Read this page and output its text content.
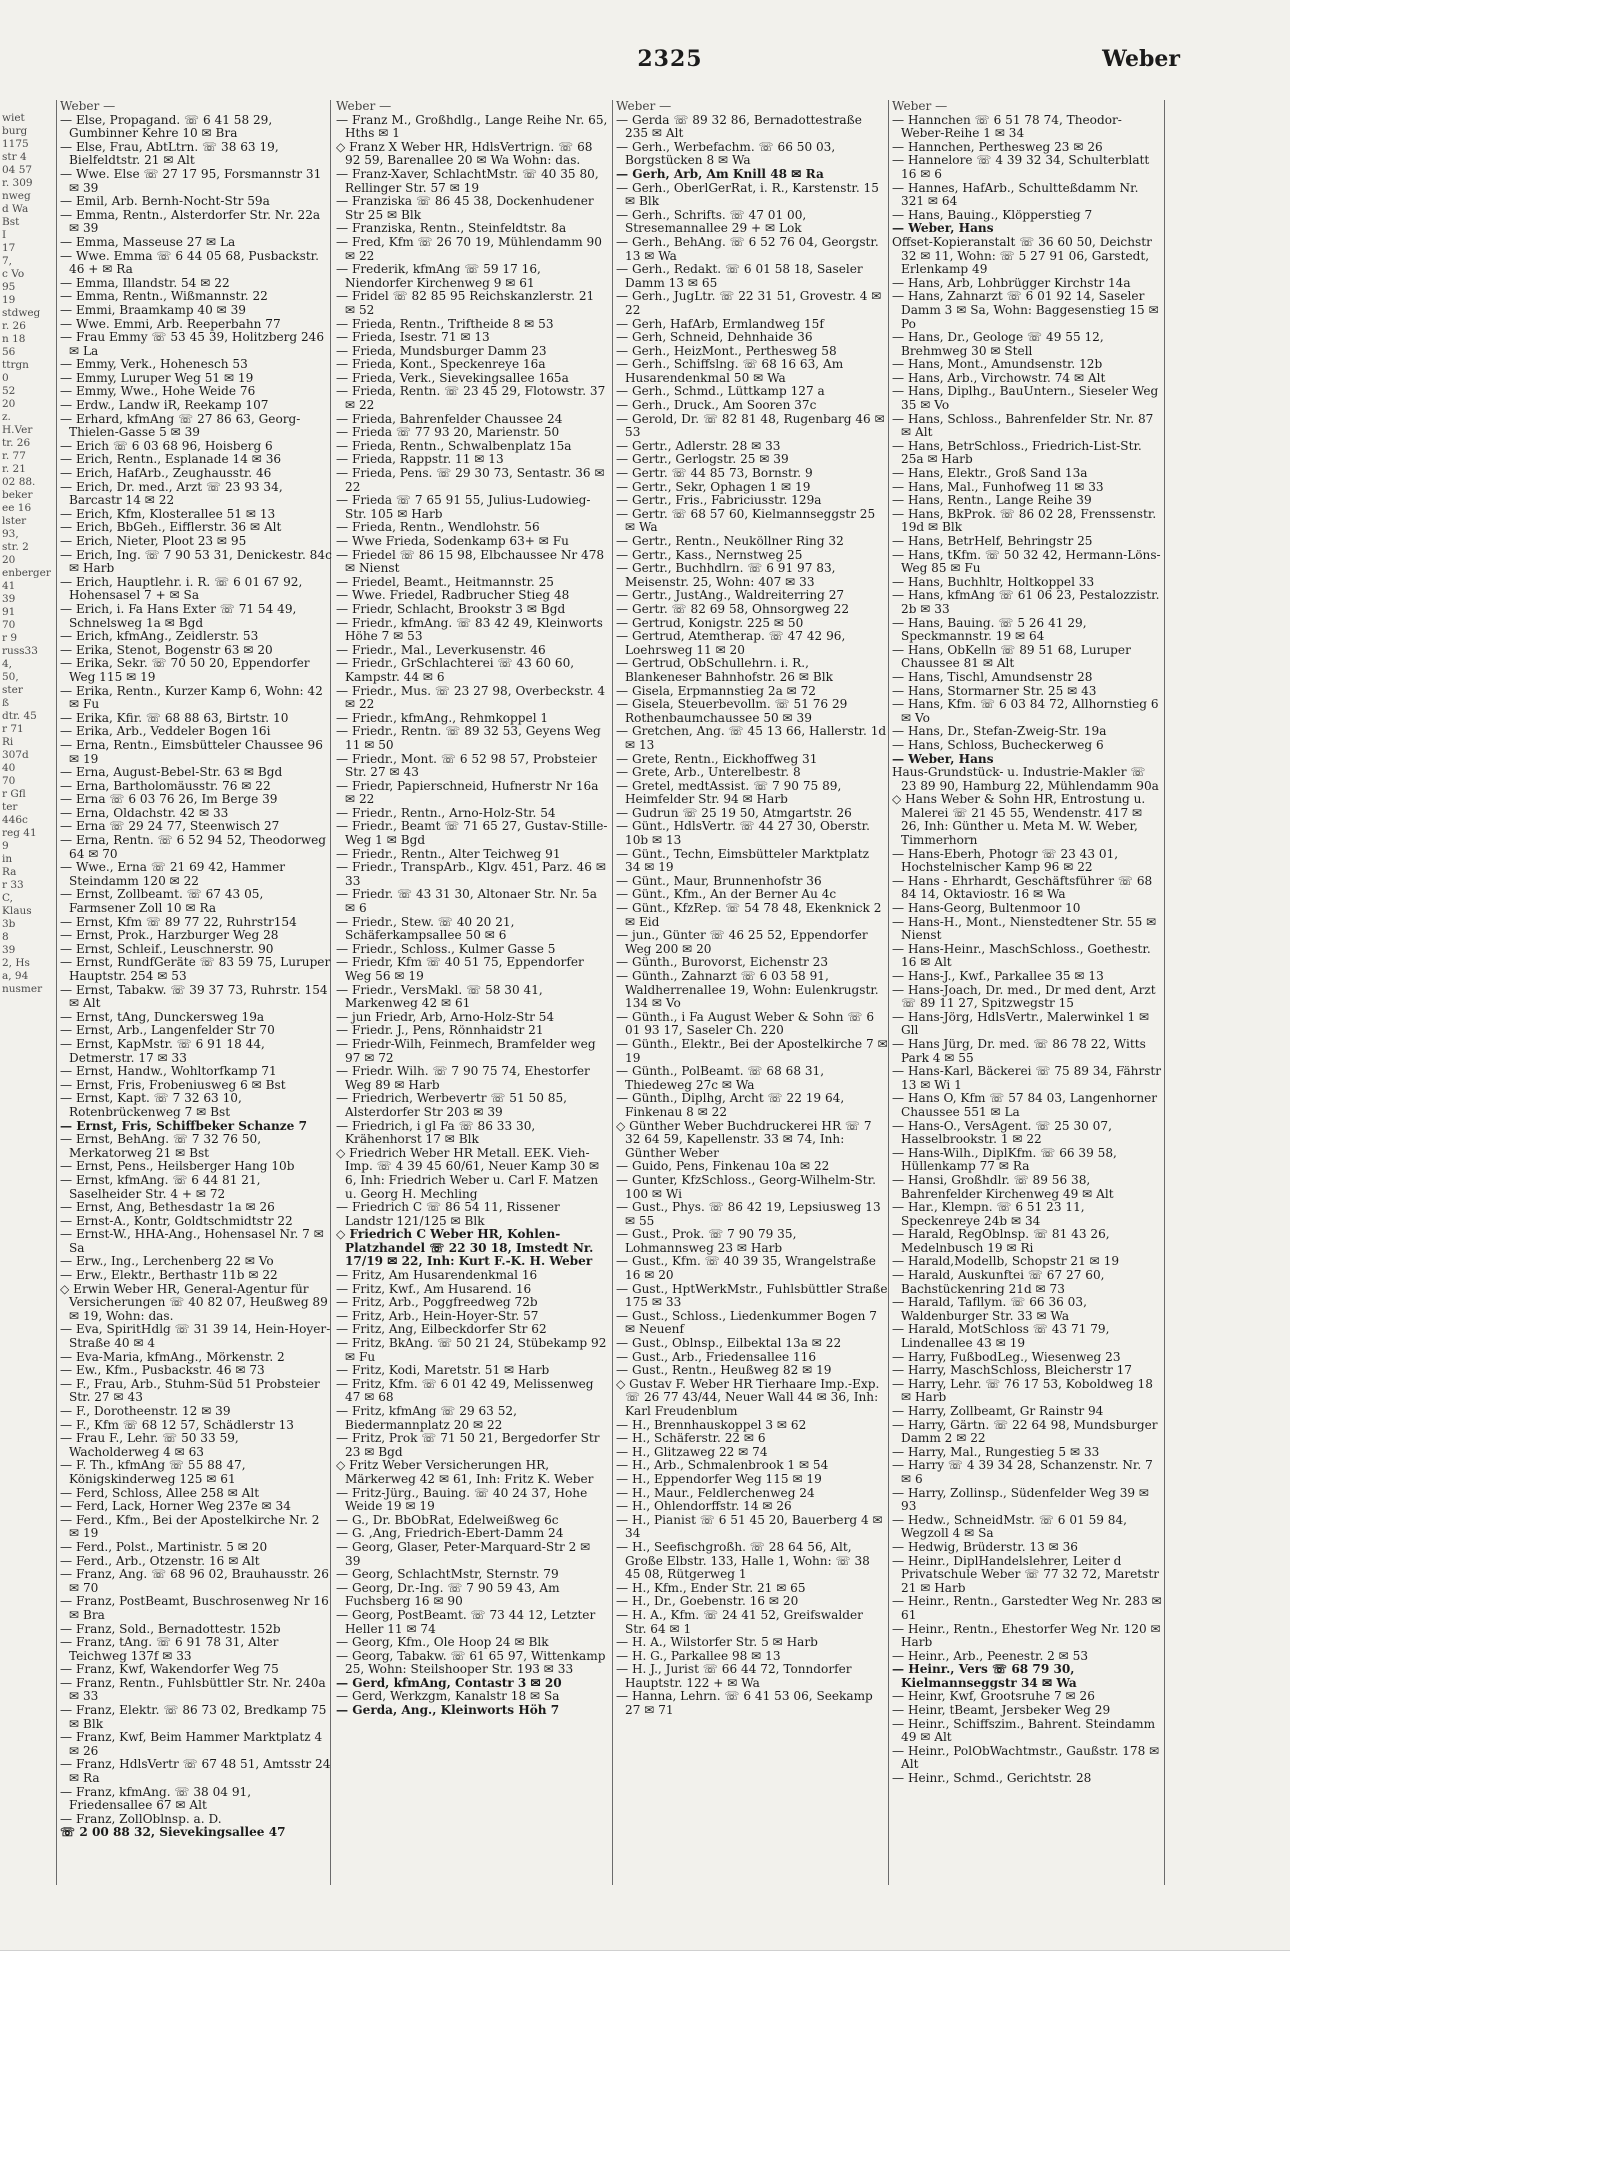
2325	Weber
wiet
burg
1175
str 4
04 57
r. 309
nweg
d Wa
Bst
I
17
7,
c Vo
95
19
stdweg
r. 26
n 18
56
ttrgn
0
52
20
z.
H.Ver
tr. 26
r. 77
r. 21
02 88.
beker
ee 16
lster
93,
str. 2
20
enberger
41
39
91
70
r 9
russ33
4,
50,
ster
ß
dtr. 45
r 71
Ri
307d
40
70
r Gfl
ter
446c
reg 41
9
in
Ra
r 33
C,
Klaus
3b
8
39
2, Hs
a, 94
nusmer
Weber —
— Else, Propagand. ☏ 6 41 58 29, Gumbinner Kehre 10 ✉ Bra
— Else, Frau, AbtLtrn. ☏ 38 63 19, Bielfeldtstr. 21 ✉ Alt
— Wwe. Else ☏ 27 17 95, Forsmannstr 31 ✉ 39
— Emil, Arb. Bernh-Nocht-Str 59a
— Emma, Rentn., Alsterdorfer Str. Nr. 22a ✉ 39
— Emma, Masseuse 27 ✉ La
— Wwe. Emma ☏ 6 44 05 68, Pusbackstr. 46 + ✉ Ra
— Emma, Illandstr. 54 ✉ 22
— Emma, Rentn., Wißmannstr. 22
— Emmi, Braamkamp 40 ✉ 39
— Wwe. Emmi, Arb. Reeperbahn 77
— Frau Emmy ☏ 53 45 39, Holitzberg 246 ✉ La
— Emmy, Verk., Hohenesch 53
— Emmy, Luruper Weg 51 ✉ 19
— Emmy, Wwe., Hohe Weide 76
— Erdw., Landw iR, Reekamp 107
— Erhard, kfmAng ☏ 27 86 63, Georg-Thielen-Gasse 5 ✉ 39
— Erich ☏ 6 03 68 96, Hoisberg 6
— Erich, Rentn., Esplanade 14 ✉ 36
— Erich, HafArb., Zeughausstr. 46
— Erich, Dr. med., Arzt ☏ 23 93 34, Barcastr 14 ✉ 22
— Erich, Kfm, Klosterallee 51 ✉ 13
— Erich, BbGeh., Eifflerstr. 36 ✉ Alt
— Erich, Nieter, Ploot 23 ✉ 95
— Erich, Ing. ☏ 7 90 53 31, Denickestr. 84c ✉ Harb
— Erich, Hauptlehr. i. R. ☏ 6 01 67 92, Hohensasel 7 + ✉ Sa
— Erich, i. Fa Hans Exter ☏ 71 54 49, Schnelsweg 1a ✉ Bgd
— Erich, kfmAng., Zeidlerstr. 53
— Erika, Stenot, Bogenstr 63 ✉ 20
— Erika, Sekr. ☏ 70 50 20, Eppendorfer Weg 115 ✉ 19
— Erika, Rentn., Kurzer Kamp 6, Wohn: 42 ✉ Fu
— Erika, Kfir. ☏ 68 88 63, Birtstr. 10
— Erika, Arb., Veddeler Bogen 16i
— Erna, Rentn., Eimsbütteler Chaussee 96 ✉ 19
— Erna, August-Bebel-Str. 63 ✉ Bgd
— Erna, Bartholomäusstr. 76 ✉ 22
— Erna ☏ 6 03 76 26, Im Berge 39
— Erna, Oldachstr. 42 ✉ 33
— Erna ☏ 29 24 77, Steenwisch 27
— Erna, Rentn. ☏ 6 52 94 52, Theodorweg 64 ✉ 70
— Wwe., Erna ☏ 21 69 42, Hammer Steindamm 120 ✉ 22
— Ernst, Zollbeamt. ☏ 67 43 05, Farmsener Zoll 10 ✉ Ra
— Ernst, Kfm ☏ 89 77 22, Ruhrstr154
— Ernst, Prok., Harzburger Weg 28
— Ernst, Schleif., Leuschnerstr. 90
— Ernst, RundfGeräte ☏ 83 59 75, Luruper Hauptstr. 254 ✉ 53
— Ernst, Tabakw. ☏ 39 37 73, Ruhrstr. 154 ✉ Alt
— Ernst, tAng, Dunckersweg 19a
— Ernst, Arb., Langenfelder Str 70
— Ernst, KapMstr. ☏ 6 91 18 44, Detmerstr. 17 ✉ 33
— Ernst, Handw., Wohltorfkamp 71
— Ernst, Fris, Frobeniusweg 6 ✉ Bst
— Ernst, Kapt. ☏ 7 32 63 10, Rotenbrückenweg 7 ✉ Bst
— Ernst, Fris, Schiffbeker Schanze 7
— Ernst, BehAng. ☏ 7 32 76 50, Merkatorweg 21 ✉ Bst
— Ernst, Pens., Heilsberger Hang 10b
— Ernst, kfmAng. ☏ 6 44 81 21, Saselheider Str. 4 + ✉ 72
— Ernst, Ang, Bethesdastr 1a ✉ 26
— Ernst-A., Kontr, Goldtschmidtstr 22
— Ernst-W., HHA-Ang., Hohensasel Nr. 7 ✉ Sa
— Erw., Ing., Lerchenberg 22 ✉ Vo
— Erw., Elektr., Berthastr 11b ✉ 22
◇ Erwin Weber HR, General-Agentur für Versicherungen ☏ 40 82 07, Heußweg 89 ✉ 19, Wohn: das.
— Eva, SpiritHdlg ☏ 31 39 14, Hein-Hoyer-Straße 40 ✉ 4
— Eva-Maria, kfmAng., Mörkenstr. 2
— Ew., Kfm., Pusbackstr. 46 ✉ 73
— F., Frau, Arb., Stuhm-Süd 51 Probsteier Str. 27 ✉ 43
— F., Dorotheenstr. 12 ✉ 39
— F., Kfm ☏ 68 12 57, Schädlerstr 13
— Frau F., Lehr. ☏ 50 33 59, Wacholderweg 4 ✉ 63
— F. Th., kfmAng ☏ 55 88 47, Königskinderweg 125 ✉ 61
— Ferd, Schloss, Allee 258 ✉ Alt
— Ferd, Lack, Horner Weg 237e ✉ 34
— Ferd., Kfm., Bei der Apostelkirche Nr. 2 ✉ 19
— Ferd., Polst., Martinistr. 5 ✉ 20
— Ferd., Arb., Otzenstr. 16 ✉ Alt
— Franz, Ang. ☏ 68 96 02, Brauhausstr. 26 ✉ 70
— Franz, PostBeamt, Buschrosenweg Nr 16 ✉ Bra
— Franz, Sold., Bernadottestr. 152b
— Franz, tAng. ☏ 6 91 78 31, Alter Teichweg 137f ✉ 33
— Franz, Kwf, Wakendorfer Weg 75
— Franz, Rentn., Fuhlsbüttler Str. Nr. 240a ✉ 33
— Franz, Elektr. ☏ 86 73 02, Bredkamp 75 ✉ Blk
— Franz, Kwf, Beim Hammer Marktplatz 4 ✉ 26
— Franz, HdlsVertr ☏ 67 48 51, Amtsstr 24 ✉ Ra
— Franz, kfmAng. ☏ 38 04 91, Friedensallee 67 ✉ Alt
— Franz, ZollOblnsp. a. D.
☏ 2 00 88 32, Sievekingsallee 47
Weber —
— Franz M., Großhdlg., Lange Reihe Nr. 65, Hths ✉ 1
◇ Franz X Weber HR, HdlsVertrign. ☏ 68 92 59, Barenallee 20 ✉ Wa Wohn: das.
— Franz-Xaver, SchlachtMstr. ☏ 40 35 80, Rellinger Str. 57 ✉ 19
— Franziska ☏ 86 45 38, Dockenhudener Str 25 ✉ Blk
— Franziska, Rentn., Steinfeldtstr. 8a
— Fred, Kfm ☏ 26 70 19, Mühlendamm 90 ✉ 22
— Frederik, kfmAng ☏ 59 17 16, Niendorfer Kirchenweg 9 ✉ 61
— Fridel ☏ 82 85 95 Reichskanzlerstr. 21 ✉ 52
— Frieda, Rentn., Triftheide 8 ✉ 53
— Frieda, Isestr. 71 ✉ 13
— Frieda, Mundsburger Damm 23
— Frieda, Kont., Speckenreye 16a
— Frieda, Verk., Sievekingsallee 165a
— Frieda, Rentn. ☏ 23 45 29, Flotowstr. 37 ✉ 22
— Frieda, Bahrenfelder Chaussee 24
— Frieda ☏ 77 93 20, Marienstr. 50
— Frieda, Rentn., Schwalbenplatz 15a
— Frieda, Rappstr. 11 ✉ 13
— Frieda, Pens. ☏ 29 30 73, Sentastr. 36 ✉ 22
— Frieda ☏ 7 65 91 55, Julius-Ludowieg-Str. 105 ✉ Harb
— Frieda, Rentn., Wendlohstr. 56
— Wwe Frieda, Sodenkamp 63+ ✉ Fu
— Friedel ☏ 86 15 98, Elbchaussee Nr 478 ✉ Nienst
— Friedel, Beamt., Heitmannstr. 25
— Wwe. Friedel, Radbrucher Stieg 48
— Friedr, Schlacht, Brookstr 3 ✉ Bgd
— Friedr., kfmAng. ☏ 83 42 49, Kleinworts Höhe 7 ✉ 53
— Friedr., Mal., Leverkusenstr. 46
— Friedr., GrSchlachterei ☏ 43 60 60, Kampstr. 44 ✉ 6
— Friedr., Mus. ☏ 23 27 98, Overbeckstr. 4 ✉ 22
— Friedr., kfmAng., Rehmkoppel 1
— Friedr., Rentn. ☏ 89 32 53, Geyens Weg 11 ✉ 50
— Friedr., Mont. ☏ 6 52 98 57, Probsteier Str. 27 ✉ 43
— Friedr, Papierschneid, Hufnerstr Nr 16a ✉ 22
— Friedr., Rentn., Arno-Holz-Str. 54
— Friedr., Beamt ☏ 71 65 27, Gustav-Stille-Weg 1 ✉ Bgd
— Friedr., Rentn., Alter Teichweg 91
— Friedr., TranspArb., Klgv. 451, Parz. 46 ✉ 33
— Friedr. ☏ 43 31 30, Altonaer Str. Nr. 5a ✉ 6
— Friedr., Stew. ☏ 40 20 21, Schäferkampsallee 50 ✉ 6
— Friedr., Schloss., Kulmer Gasse 5
— Friedr, Kfm ☏ 40 51 75, Eppendorfer Weg 56 ✉ 19
— Friedr., VersMakl. ☏ 58 30 41, Markenweg 42 ✉ 61
— jun Friedr, Arb, Arno-Holz-Str 54
— Friedr. J., Pens, Rönnhaidstr 21
— Friedr-Wilh, Feinmech, Bramfelder weg 97 ✉ 72
— Friedr. Wilh. ☏ 7 90 75 74, Ehestorfer Weg 89 ✉ Harb
— Friedrich, Werbevertr ☏ 51 50 85, Alsterdorfer Str 203 ✉ 39
— Friedrich, i gl Fa ☏ 86 33 30, Krähenhorst 17 ✉ Blk
◇ Friedrich Weber HR Metall. EEK. Vieh-Imp. ☏ 4 39 45 60/61, Neuer Kamp 30 ✉ 6, Inh: Friedrich Weber u. Carl F. Matzen u. Georg H. Mechling
— Friedrich C ☏ 86 54 11, Rissener Landstr 121/125 ✉ Blk
◇ Friedrich C Weber HR, Kohlen-Platzhandel ☏ 22 30 18, Imstedt Nr. 17/19 ✉ 22, Inh: Kurt F.-K. H. Weber
— Fritz, Am Husarendenkmal 16
— Fritz, Kwf., Am Husarend. 16
— Fritz, Arb., Poggfreedweg 72b
— Fritz, Arb., Hein-Hoyer-Str. 57
— Fritz, Ang, Eilbeckdorfer Str 62
— Fritz, BkAng. ☏ 50 21 24, Stübekamp 92 ✉ Fu
— Fritz, Kodi, Maretstr. 51 ✉ Harb
— Fritz, Kfm. ☏ 6 01 42 49, Melissenweg 47 ✉ 68
— Fritz, kfmAng ☏ 29 63 52, Biedermannplatz 20 ✉ 22
— Fritz, Prok ☏ 71 50 21, Bergedorfer Str 23 ✉ Bgd
◇ Fritz Weber Versicherungen HR, Märkerweg 42 ✉ 61, Inh: Fritz K. Weber
— Fritz-Jürg., Bauing. ☏ 40 24 37, Hohe Weide 19 ✉ 19
— G., Dr. BbObRat, Edelweißweg 6c
— G. ,Ang, Friedrich-Ebert-Damm 24
— Georg, Glaser, Peter-Marquard-Str 2 ✉ 39
— Georg, SchlachtMstr, Sternstr. 79
— Georg, Dr.-Ing. ☏ 7 90 59 43, Am Fuchsberg 16 ✉ 90
— Georg, PostBeamt. ☏ 73 44 12, Letzter Heller 11 ✉ 74
— Georg, Kfm., Ole Hoop 24 ✉ Blk
— Georg, Tabakw. ☏ 61 65 97, Wittenkamp 25, Wohn: Steilshooper Str. 193 ✉ 33
— Gerd, kfmAng, Contastr 3 ✉ 20
— Gerd, Werkzgm, Kanalstr 18 ✉ Sa
— Gerda, Ang., Kleinworts Höh 7
Weber —
— Gerda ☏ 89 32 86, Bernadottestraße 235 ✉ Alt
— Gerh., Werbefachm. ☏ 66 50 03, Borgstücken 8 ✉ Wa
— Gerh, Arb, Am Knill 48 ✉ Ra
— Gerh., OberlGerRat, i. R., Karstenstr. 15 ✉ Blk
— Gerh., Schrifts. ☏ 47 01 00, Stresemannallee 29 + ✉ Lok
— Gerh., BehAng. ☏ 6 52 76 04, Georgstr. 13 ✉ Wa
— Gerh., Redakt. ☏ 6 01 58 18, Saseler Damm 13 ✉ 65
— Gerh., JugLtr. ☏ 22 31 51, Grovestr. 4 ✉ 22
— Gerh, HafArb, Ermlandweg 15f
— Gerh, Schneid, Dehnhaide 36
— Gerh., HeizMont., Perthesweg 58
— Gerh., Schiffslng. ☏ 68 16 63, Am Husarendenkmal 50 ✉ Wa
— Gerh., Schmd., Lüttkamp 127 a
— Gerh., Druck., Am Sooren 37c
— Gerold, Dr. ☏ 82 81 48, Rugenbarg 46 ✉ 53
— Gertr., Adlerstr. 28 ✉ 33
— Gertr., Gerlogstr. 25 ✉ 39
— Gertr. ☏ 44 85 73, Bornstr. 9
— Gertr., Sekr, Ophagen 1 ✉ 19
— Gertr., Fris., Fabriciusstr. 129a
— Gertr. ☏ 68 57 60, Kielmannseggstr 25 ✉ Wa
— Gertr., Rentn., Neuköllner Ring 32
— Gertr., Kass., Nernstweg 25
— Gertr., Buchhdlrn. ☏ 6 91 97 83, Meisenstr. 25, Wohn: 407 ✉ 33
— Gertr., JustAng., Waldreiterring 27
— Gertr. ☏ 82 69 58, Ohnsorgweg 22
— Gertrud, Konigstr. 225 ✉ 50
— Gertrud, Atemtherap. ☏ 47 42 96, Loehrsweg 11 ✉ 20
— Gertrud, ObSchullehrn. i. R., Blankeneser Bahnhofstr. 26 ✉ Blk
— Gisela, Erpmannstieg 2a ✉ 72
— Gisela, Steuerbevollm. ☏ 51 76 29 Rothenbaumchaussee 50 ✉ 39
— Gretchen, Ang. ☏ 45 13 66, Hallerstr. 1d ✉ 13
— Grete, Rentn., Eickhoffweg 31
— Grete, Arb., Unterelbestr. 8
— Gretel, medtAssist. ☏ 7 90 75 89, Heimfelder Str. 94 ✉ Harb
— Gudrun ☏ 25 19 50, Atmgartstr. 26
— Günt., HdlsVertr. ☏ 44 27 30, Oberstr. 10b ✉ 13
— Günt., Techn, Eimsbütteler Marktplatz 34 ✉ 19
— Günt., Maur, Brunnenhofstr 36
— Günt., Kfm., An der Berner Au 4c
— Günt., KfzRep. ☏ 54 78 48, Ekenknick 2 ✉ Eid
— jun., Günter ☏ 46 25 52, Eppendorfer Weg 200 ✉ 20
— Günth., Burovorst, Eichenstr 23
— Günth., Zahnarzt ☏ 6 03 58 91, Waldherrenallee 19, Wohn: Eulenkrugstr. 134 ✉ Vo
— Günth., i Fa August Weber & Sohn ☏ 6 01 93 17, Saseler Ch. 220
— Günth., Elektr., Bei der Apostelkirche 7 ✉ 19
— Günth., PolBeamt. ☏ 68 68 31, Thiedeweg 27c ✉ Wa
— Günth., Diplhg, Archt ☏ 22 19 64, Finkenau 8 ✉ 22
◇ Günther Weber Buchdruckerei HR ☏ 7 32 64 59, Kapellenstr. 33 ✉ 74, Inh: Günther Weber
— Guido, Pens, Finkenau 10a ✉ 22
— Gunter, KfzSchloss., Georg-Wilhelm-Str. 100 ✉ Wi
— Gust., Phys. ☏ 86 42 19, Lepsiusweg 13 ✉ 55
— Gust., Prok. ☏ 7 90 79 35, Lohmannsweg 23 ✉ Harb
— Gust., Kfm. ☏ 40 39 35, Wrangelstraße 16 ✉ 20
— Gust., HptWerkMstr., Fuhlsbüttler Straße 175 ✉ 33
— Gust., Schloss., Liedenkummer Bogen 7 ✉ Neuenf
— Gust., Oblnsp., Eilbektal 13a ✉ 22
— Gust., Arb., Friedensallee 116
— Gust., Rentn., Heußweg 82 ✉ 19
◇ Gustav F. Weber HR Tierhaare Imp.-Exp. ☏ 26 77 43/44, Neuer Wall 44 ✉ 36, Inh: Karl Freudenblum
— H., Brennhauskoppel 3 ✉ 62
— H., Schäferstr. 22 ✉ 6
— H., Glitzaweg 22 ✉ 74
— H., Arb., Schmalenbrook 1 ✉ 54
— H., Eppendorfer Weg 115 ✉ 19
— H., Maur., Feldlerchenweg 24
— H., Ohlendorffstr. 14 ✉ 26
— H., Pianist ☏ 6 51 45 20, Bauerberg 4 ✉ 34
— H., Seefischgroßh. ☏ 28 64 56, Alt, Große Elbstr. 133, Halle 1, Wohn: ☏ 38 45 08, Rütgerweg 1
— H., Kfm., Ender Str. 21 ✉ 65
— H., Dr., Goebenstr. 16 ✉ 20
— H. A., Kfm. ☏ 24 41 52, Greifswalder Str. 64 ✉ 1
— H. A., Wilstorfer Str. 5 ✉ Harb
— H. G., Parkallee 98 ✉ 13
— H. J., Jurist ☏ 66 44 72, Tonndorfer Hauptstr. 122 + ✉ Wa
— Hanna, Lehrn. ☏ 6 41 53 06, Seekamp 27 ✉ 71
Weber —
— Hannchen ☏ 6 51 78 74, Theodor-Weber-Reihe 1 ✉ 34
— Hannchen, Perthesweg 23 ✉ 26
— Hannelore ☏ 4 39 32 34, Schulterblatt 16 ✉ 6
— Hannes, HafArb., Schultteßdamm Nr. 321 ✉ 64
— Hans, Bauing., Klöpperstieg 7
— Weber, Hans
Offset-Kopieranstalt ☏ 36 60 50, Deichstr 32 ✉ 11, Wohn: ☏ 5 27 91 06, Garstedt, Erlenkamp 49
— Hans, Arb, Lohbrügger Kirchstr 14a
— Hans, Zahnarzt ☏ 6 01 92 14, Saseler Damm 3 ✉ Sa, Wohn: Baggesenstieg 15 ✉ Po
— Hans, Dr., Geologe ☏ 49 55 12, Brehmweg 30 ✉ Stell
— Hans, Mont., Amundsenstr. 12b
— Hans, Arb., Virchowstr. 74 ✉ Alt
— Hans, Diplhg., BauUntern., Sieseler Weg 35 ✉ Vo
— Hans, Schloss., Bahrenfelder Str. Nr. 87 ✉ Alt
— Hans, BetrSchloss., Friedrich-List-Str. 25a ✉ Harb
— Hans, Elektr., Groß Sand 13a
— Hans, Mal., Funhofweg 11 ✉ 33
— Hans, Rentn., Lange Reihe 39
— Hans, BkProk. ☏ 86 02 28, Frenssenstr. 19d ✉ Blk
— Hans, BetrHelf, Behringstr 25
— Hans, tKfm. ☏ 50 32 42, Hermann-Löns-Weg 85 ✉ Fu
— Hans, Buchhltr, Holtkoppel 33
— Hans, kfmAng ☏ 61 06 23, Pestalozzistr. 2b ✉ 33
— Hans, Bauing. ☏ 5 26 41 29, Speckmannstr. 19 ✉ 64
— Hans, ObKelln ☏ 89 51 68, Luruper Chaussee 81 ✉ Alt
— Hans, Tischl, Amundsenstr 28
— Hans, Stormarner Str. 25 ✉ 43
— Hans, Kfm. ☏ 6 03 84 72, Allhornstieg 6 ✉ Vo
— Hans, Dr., Stefan-Zweig-Str. 19a
— Hans, Schloss, Bucheckerweg 6
— Weber, Hans
Haus-Grundstück- u. Industrie-Makler ☏ 23 89 90, Hamburg 22, Mühlendamm 90a
◇ Hans Weber & Sohn HR, Entrostung u. Malerei ☏ 21 45 55, Wendenstr. 417 ✉ 26, Inh: Günther u. Meta M. W. Weber, Timmerhorn
— Hans-Eberh, Photogr ☏ 23 43 01, Hochstelnischer Kamp 96 ✉ 22
— Hans - Ehrhardt, Geschäftsführer ☏ 68 84 14, Oktaviostr. 16 ✉ Wa
— Hans-Georg, Bultenmoor 10
— Hans-H., Mont., Nienstedtener Str. 55 ✉ Nienst
— Hans-Heinr., MaschSchloss., Goethestr. 16 ✉ Alt
— Hans-J., Kwf., Parkallee 35 ✉ 13
— Hans-Joach, Dr. med., Dr med dent, Arzt ☏ 89 11 27, Spitzwegstr 15
— Hans-Jörg, HdlsVertr., Malerwinkel 1 ✉ Gll
— Hans Jürg, Dr. med. ☏ 86 78 22, Witts Park 4 ✉ 55
— Hans-Karl, Bäckerei ☏ 75 89 34, Fährstr 13 ✉ Wi 1
— Hans O, Kfm ☏ 57 84 03, Langenhorner Chaussee 551 ✉ La
— Hans-O., VersAgent. ☏ 25 30 07, Hasselbrookstr. 1 ✉ 22
— Hans-Wilh., DiplKfm. ☏ 66 39 58, Hüllenkamp 77 ✉ Ra
— Hansi, Großhdlr. ☏ 89 56 38, Bahrenfelder Kirchenweg 49 ✉ Alt
— Har., Klempn. ☏ 6 51 23 11, Speckenreye 24b ✉ 34
— Harald, RegOblnsp. ☏ 81 43 26, Medelnbusch 19 ✉ Ri
— Harald,Modellb, Schopstr 21 ✉ 19
— Harald, Auskunftei ☏ 67 27 60, Bachstückenring 21d ✉ 73
— Harald, Tafllym. ☏ 66 36 03, Waldenburger Str. 33 ✉ Wa
— Harald, MotSchloss ☏ 43 71 79, Lindenallee 43 ✉ 19
— Harry, FußbodLeg., Wiesenweg 23
— Harry, MaschSchloss, Bleicherstr 17
— Harry, Lehr. ☏ 76 17 53, Koboldweg 18 ✉ Harb
— Harry, Zollbeamt, Gr Rainstr 94
— Harry, Gärtn. ☏ 22 64 98, Mundsburger Damm 2 ✉ 22
— Harry, Mal., Rungestieg 5 ✉ 33
— Harry ☏ 4 39 34 28, Schanzenstr. Nr. 7 ✉ 6
— Harry, Zollinsp., Südenfelder Weg 39 ✉ 93
— Hedw., SchneidMstr. ☏ 6 01 59 84, Wegzoll 4 ✉ Sa
— Hedwig, Brüderstr. 13 ✉ 36
— Heinr., DiplHandelslehrer, Leiter d Privatschule Weber ☏ 77 32 72, Maretstr 21 ✉ Harb
— Heinr., Rentn., Garstedter Weg Nr. 283 ✉ 61
— Heinr., Rentn., Ehestorfer Weg Nr. 120 ✉ Harb
— Heinr., Arb., Peenestr. 2 ✉ 53
— Heinr., Vers ☏ 68 79 30, Kielmannseggstr 34 ✉ Wa
— Heinr, Kwf, Grootsruhe 7 ✉ 26
— Heinr, tBeamt, Jersbeker Weg 29
— Heinr., Schiffszim., Bahrent. Steindamm 49 ✉ Alt
— Heinr., PolObWachtmstr., Gaußstr. 178 ✉ Alt
— Heinr., Schmd., Gerichtstr. 28
